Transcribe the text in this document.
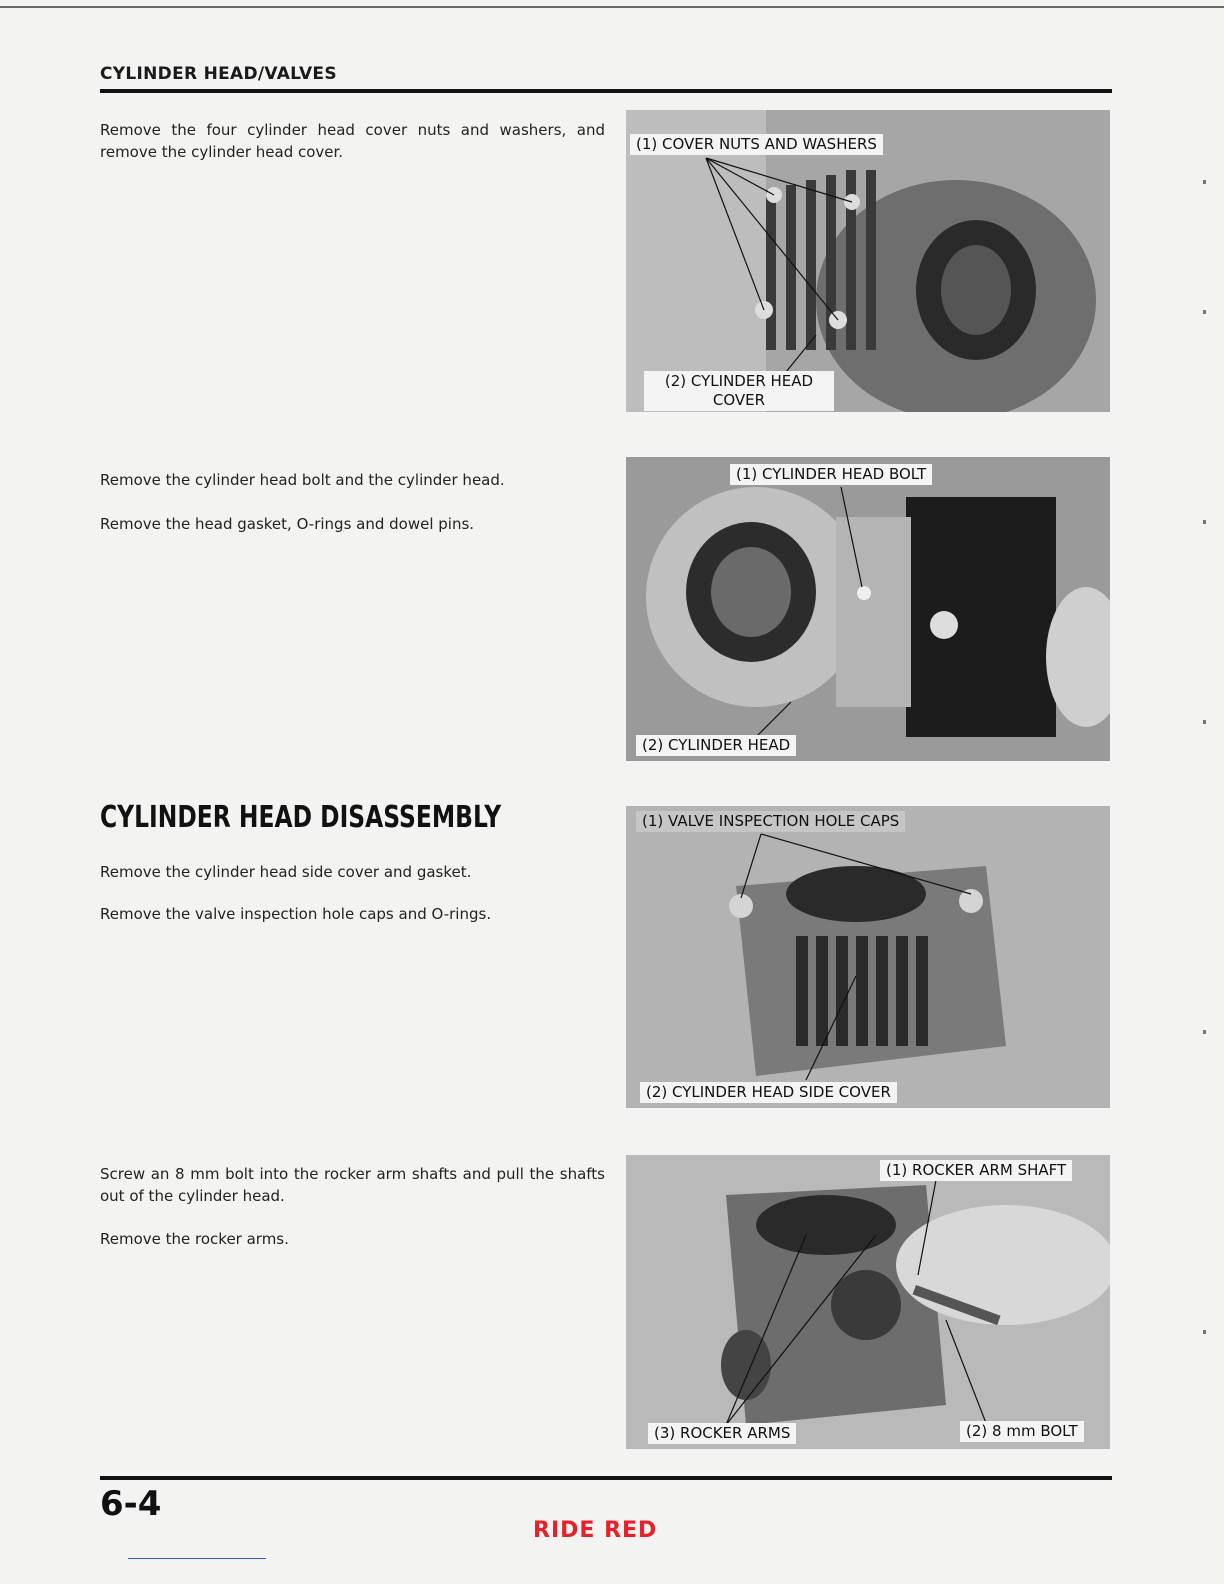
CYLINDER HEAD/VALVES

Remove the four cylinder head cover nuts and washers, and remove the cylinder head cover.

Remove the cylinder head bolt and the cylinder head.

Remove the head gasket, O-rings and dowel pins.

CYLINDER HEAD DISASSEMBLY

Remove the cylinder head side cover and gasket.

Remove the valve inspection hole caps and O-rings.

Screw an 8 mm bolt into the rocker arm shafts and pull the shafts out of the cylinder head.

Remove the rocker arms.

(1) COVER NUTS AND WASHERS
(2) CYLINDER HEAD
COVER
(1) CYLINDER HEAD BOLT
(2) CYLINDER HEAD
(1) VALVE INSPECTION HOLE CAPS
(2) CYLINDER HEAD SIDE COVER
(1) ROCKER ARM SHAFT
(2) 8 mm BOLT
(3) ROCKER ARMS
6-4
RIDE RED
